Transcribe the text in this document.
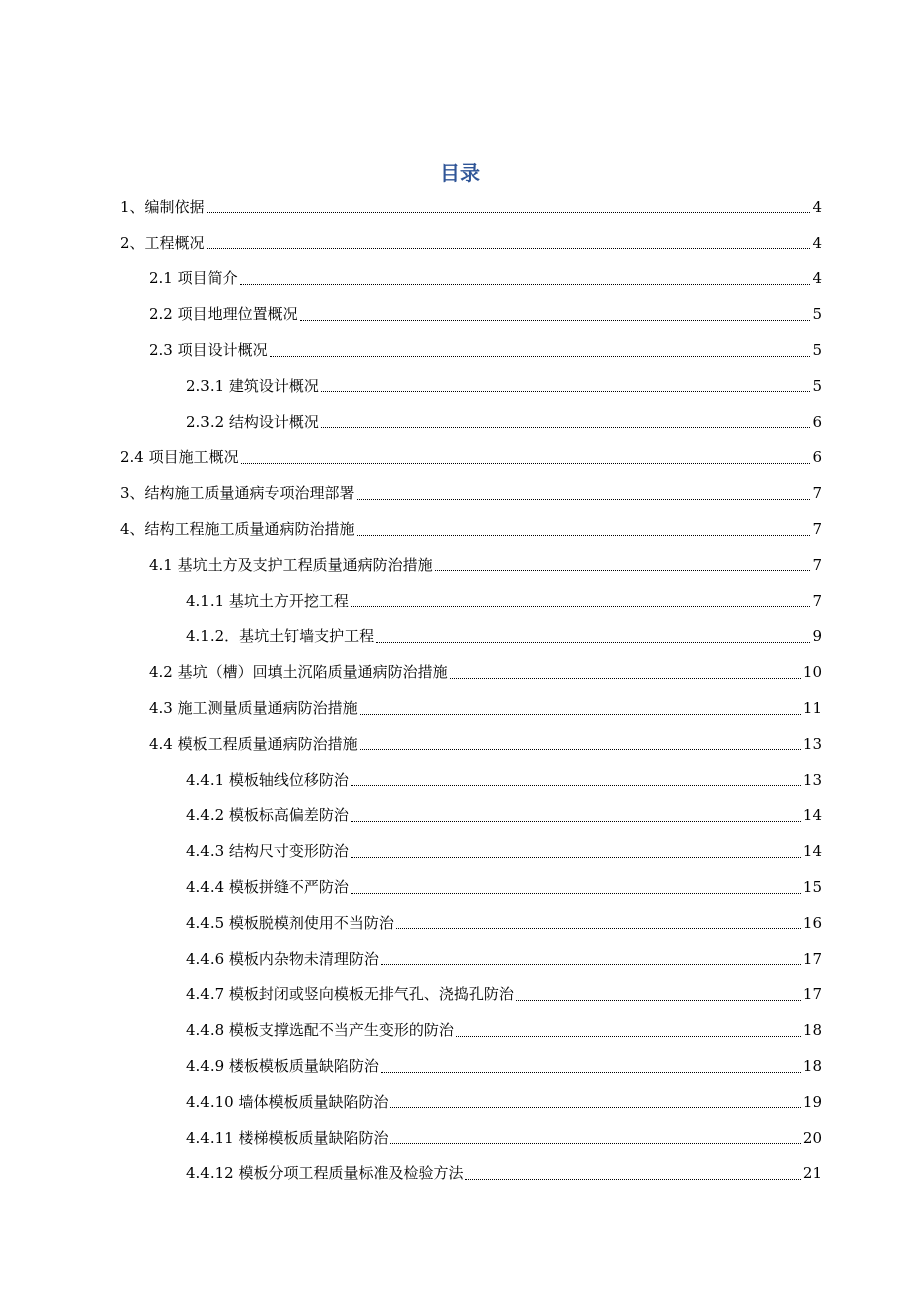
目录
1、编制依据	4
2、工程概况	4
2.1 项目简介	4
2.2 项目地理位置概况	5
2.3 项目设计概况	5
2.3.1 建筑设计概况	5
2.3.2 结构设计概况	6
2.4 项目施工概况	6
3、结构施工质量通病专项治理部署	7
4、结构工程施工质量通病防治措施	7
4.1 基坑土方及支护工程质量通病防治措施	7
4.1.1 基坑土方开挖工程	7
4.1.2．基坑土钉墙支护工程	9
4.2 基坑（槽）回填土沉陷质量通病防治措施	10
4.3 施工测量质量通病防治措施	11
4.4 模板工程质量通病防治措施	13
4.4.1 模板轴线位移防治	13
4.4.2 模板标高偏差防治	14
4.4.3 结构尺寸变形防治	14
4.4.4 模板拼缝不严防治	15
4.4.5 模板脱模剂使用不当防治	16
4.4.6 模板内杂物未清理防治	17
4.4.7 模板封闭或竖向模板无排气孔、浇捣孔防治	17
4.4.8 模板支撑选配不当产生变形的防治	18
4.4.9 楼板模板质量缺陷防治	18
4.4.10 墙体模板质量缺陷防治	19
4.4.11 楼梯模板质量缺陷防治	20
4.4.12 模板分项工程质量标准及检验方法	21
